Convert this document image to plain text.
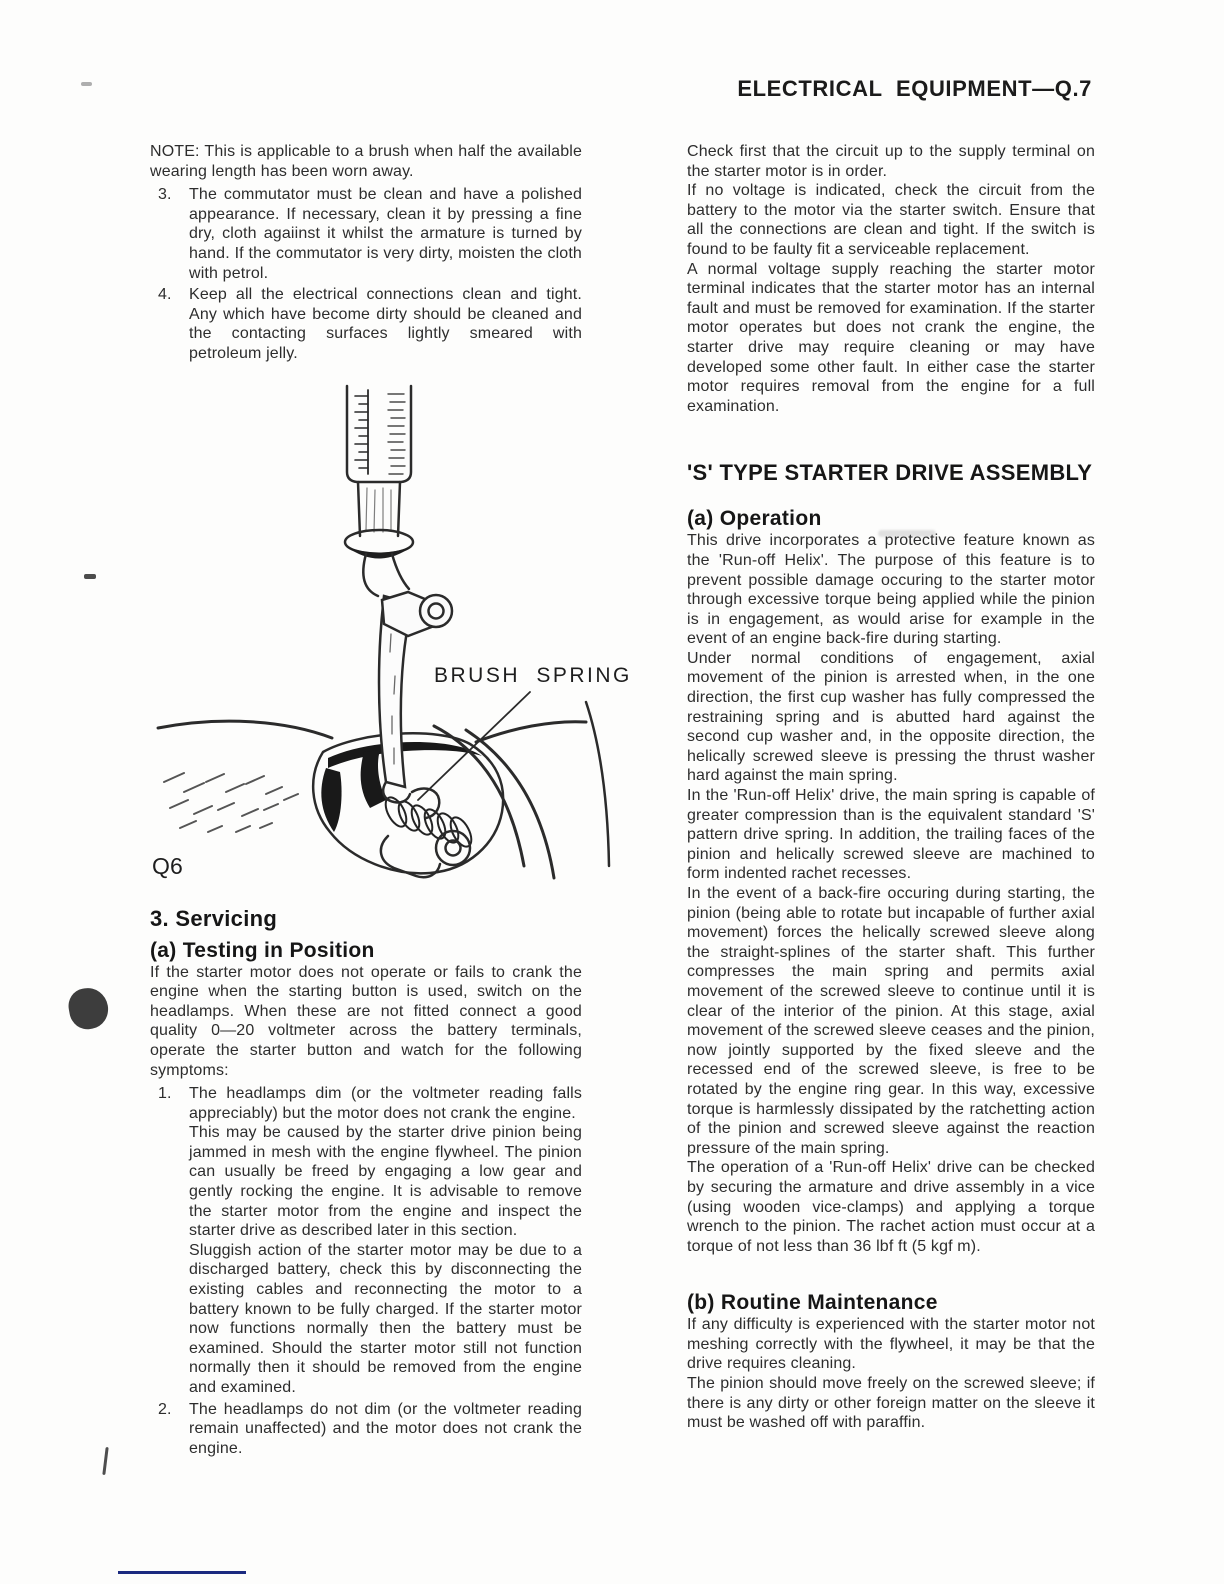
ELECTRICAL EQUIPMENT—Q.7

NOTE: This is applicable to a brush when half the available wearing length has been worn away.

3.	The commutator must be clean and have a polished appearance. If necessary, clean it by pressing a fine dry, cloth agaiinst it whilst the armature is turned by hand. If the commutator is very dirty, moisten the cloth with petrol.

4.	Keep all the electrical connections clean and tight. Any which have become dirty should be cleaned and the contacting surfaces lightly smeared with petroleum jelly.

BRUSH SPRING
Q6
3. Servicing
(a) Testing in Position

If the starter motor does not operate or fails to crank the engine when the starting button is used, switch on the headlamps. When these are not fitted connect a good quality 0—20 voltmeter across the battery terminals, operate the starter button and watch for the following symptoms:

1.	The headlamps dim (or the voltmeter reading falls appreciably) but the motor does not crank the engine.

This may be caused by the starter drive pinion being jammed in mesh with the engine flywheel. The pinion can usually be freed by engaging a low gear and gently rocking the engine. It is advisable to remove the starter motor from the engine and inspect the starter drive as described later in this section.

Sluggish action of the starter motor may be due to a discharged battery, check this by disconnecting the existing cables and reconnecting the motor to a battery known to be fully charged. If the starter motor now functions normally then the battery must be examined. Should the starter motor still not function normally then it should be removed from the engine and examined.

2.	The headlamps do not dim (or the voltmeter reading remain unaffected) and the motor does not crank the engine.

Check first that the circuit up to the supply terminal on the starter motor is in order.

If no voltage is indicated, check the circuit from the battery to the motor via the starter switch. Ensure that all the connections are clean and tight. If the switch is found to be faulty fit a serviceable replacement.

A normal voltage supply reaching the starter motor terminal indicates that the starter motor has an internal fault and must be removed for examination. If the starter motor operates but does not crank the engine, the starter drive may require cleaning or may have developed some other fault. In either case the starter motor requires removal from the engine for a full examination.

'S' TYPE STARTER DRIVE ASSEMBLY
(a) Operation

This drive incorporates a protective feature known as the 'Run-off Helix'. The purpose of this feature is to prevent possible damage occuring to the starter motor through excessive torque being applied while the pinion is in engagement, as would arise for example in the event of an engine back-fire during starting.

Under normal conditions of engagement, axial movement of the pinion is arrested when, in the one direction, the first cup washer has fully compressed the restraining spring and is abutted hard against the second cup washer and, in the opposite direction, the helically screwed sleeve is pressing the thrust washer hard against the main spring.

In the 'Run-off Helix' drive, the main spring is capable of greater compression than is the equivalent standard 'S' pattern drive spring. In addition, the trailing faces of the pinion and helically screwed sleeve are machined to form indented rachet recesses.

In the event of a back-fire occuring during starting, the pinion (being able to rotate but incapable of further axial movement) forces the helically screwed sleeve along the straight-splines of the starter shaft. This further compresses the main spring and permits axial movement of the screwed sleeve to continue until it is clear of the interior of the pinion. At this stage, axial movement of the screwed sleeve ceases and the pinion, now jointly supported by the fixed sleeve and the recessed end of the screwed sleeve, is free to be rotated by the engine ring gear. In this way, excessive torque is harmlessly dissipated by the ratchetting action of the pinion and screwed sleeve against the reaction pressure of the main spring.

The operation of a 'Run-off Helix' drive can be checked by securing the armature and drive assembly in a vice (using wooden vice-clamps) and applying a torque wrench to the pinion. The rachet action must occur at a torque of not less than 36 lbf ft (5 kgf m).

(b) Routine Maintenance

If any difficulty is experienced with the starter motor not meshing correctly with the flywheel, it may be that the drive requires cleaning.

The pinion should move freely on the screwed sleeve; if there is any dirty or other foreign matter on the sleeve it must be washed off with paraffin.
